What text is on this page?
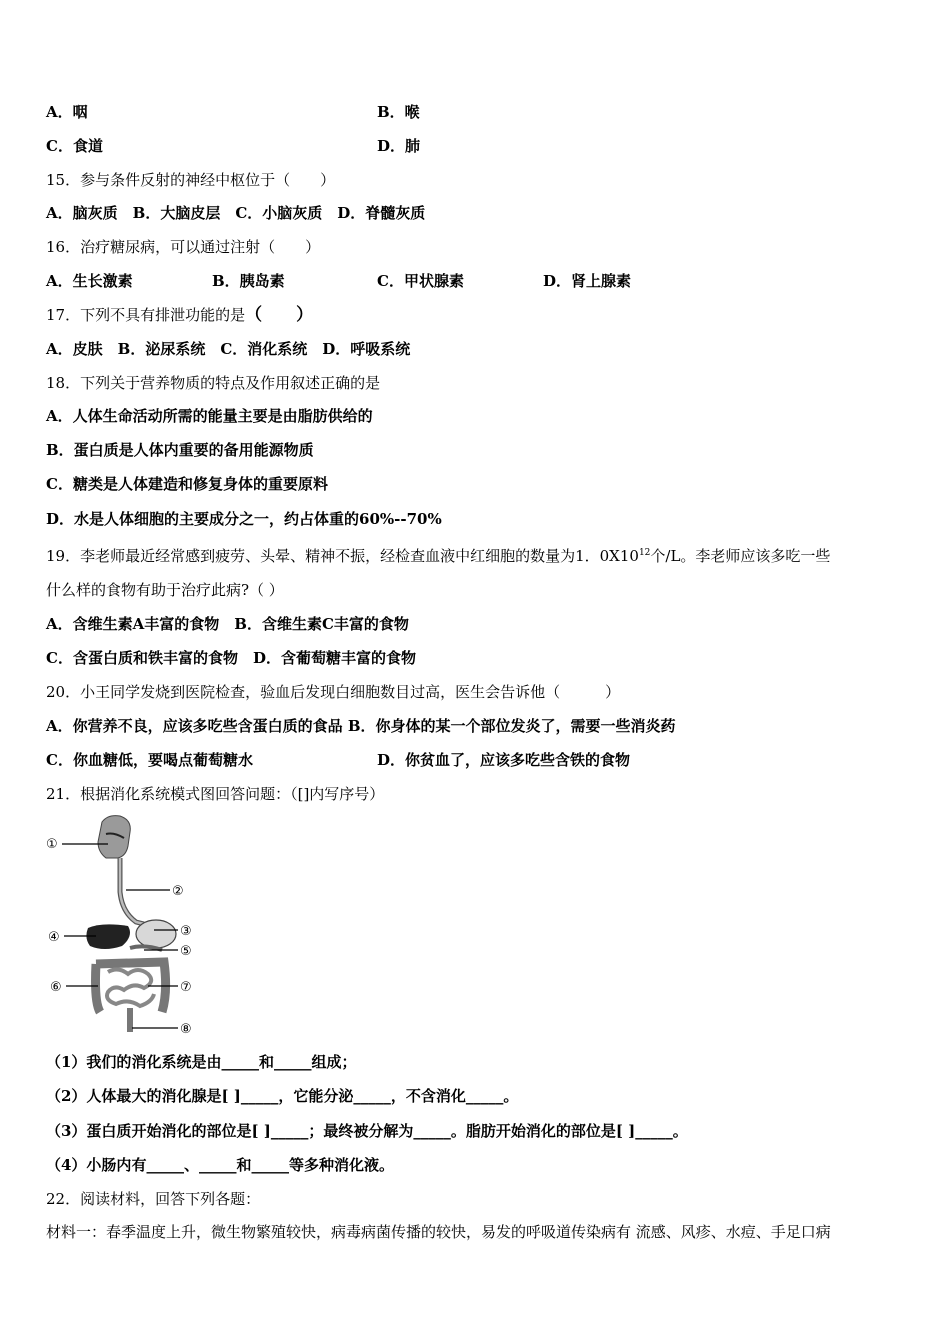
A．咽	B．喉
C．食道	D．肺
15．参与条件反射的神经中枢位于（　　）
A．脑灰质　B．大脑皮层　C．小脑灰质　D．脊髓灰质
16．治疗糖尿病，可以通过注射（　　）
A．生长激素	B．胰岛素	C．甲状腺素	D．肾上腺素
17．下列不具有排泄功能的是（　　）
A．皮肤　B．泌尿系统　C．消化系统　D．呼吸系统
18．下列关于营养物质的特点及作用叙述正确的是
A．人体生命活动所需的能量主要是由脂肪供给的
B．蛋白质是人体内重要的备用能源物质
C．糖类是人体建造和修复身体的重要原料
D．水是人体细胞的主要成分之一，约占体重的60%--70%
19．李老师最近经常感到疲劳、头晕、精神不振，经检查血液中红细胞的数量为1．$0X10^{12}$个/L。李老师应该多吃一些
什么样的食物有助于治疗此病?（ ）
A．含维生素A丰富的食物　B．含维生素C丰富的食物
C．含蛋白质和铁丰富的食物　D．含葡萄糖丰富的食物
20．小王同学发烧到医院检查，验血后发现白细胞数目过高，医生会告诉他（　　　）
A．你营养不良，应该多吃些含蛋白质的食品 B．你身体的某一个部位发炎了，需要一些消炎药
C．你血糖低，要喝点葡萄糖水	D．你贫血了，应该多吃些含铁的食物
21．根据消化系统模式图回答问题：（[]内写序号）
①
②
③
④
⑤
⑥	⑦
⑧
（1）我们的消化系统是由_____和_____组成；
（2）人体最大的消化腺是[ ]_____，它能分泌_____，不含消化_____。
（3）蛋白质开始消化的部位是[ ]_____；最终被分解为_____。脂肪开始消化的部位是[ ]_____。
（4）小肠内有_____、_____和_____等多种消化液。
22．阅读材料，回答下列各题：
材料一：春季温度上升，微生物繁殖较快，病毒病菌传播的较快，易发的呼吸道传染病有 流感、风疹、水痘、手足口病
